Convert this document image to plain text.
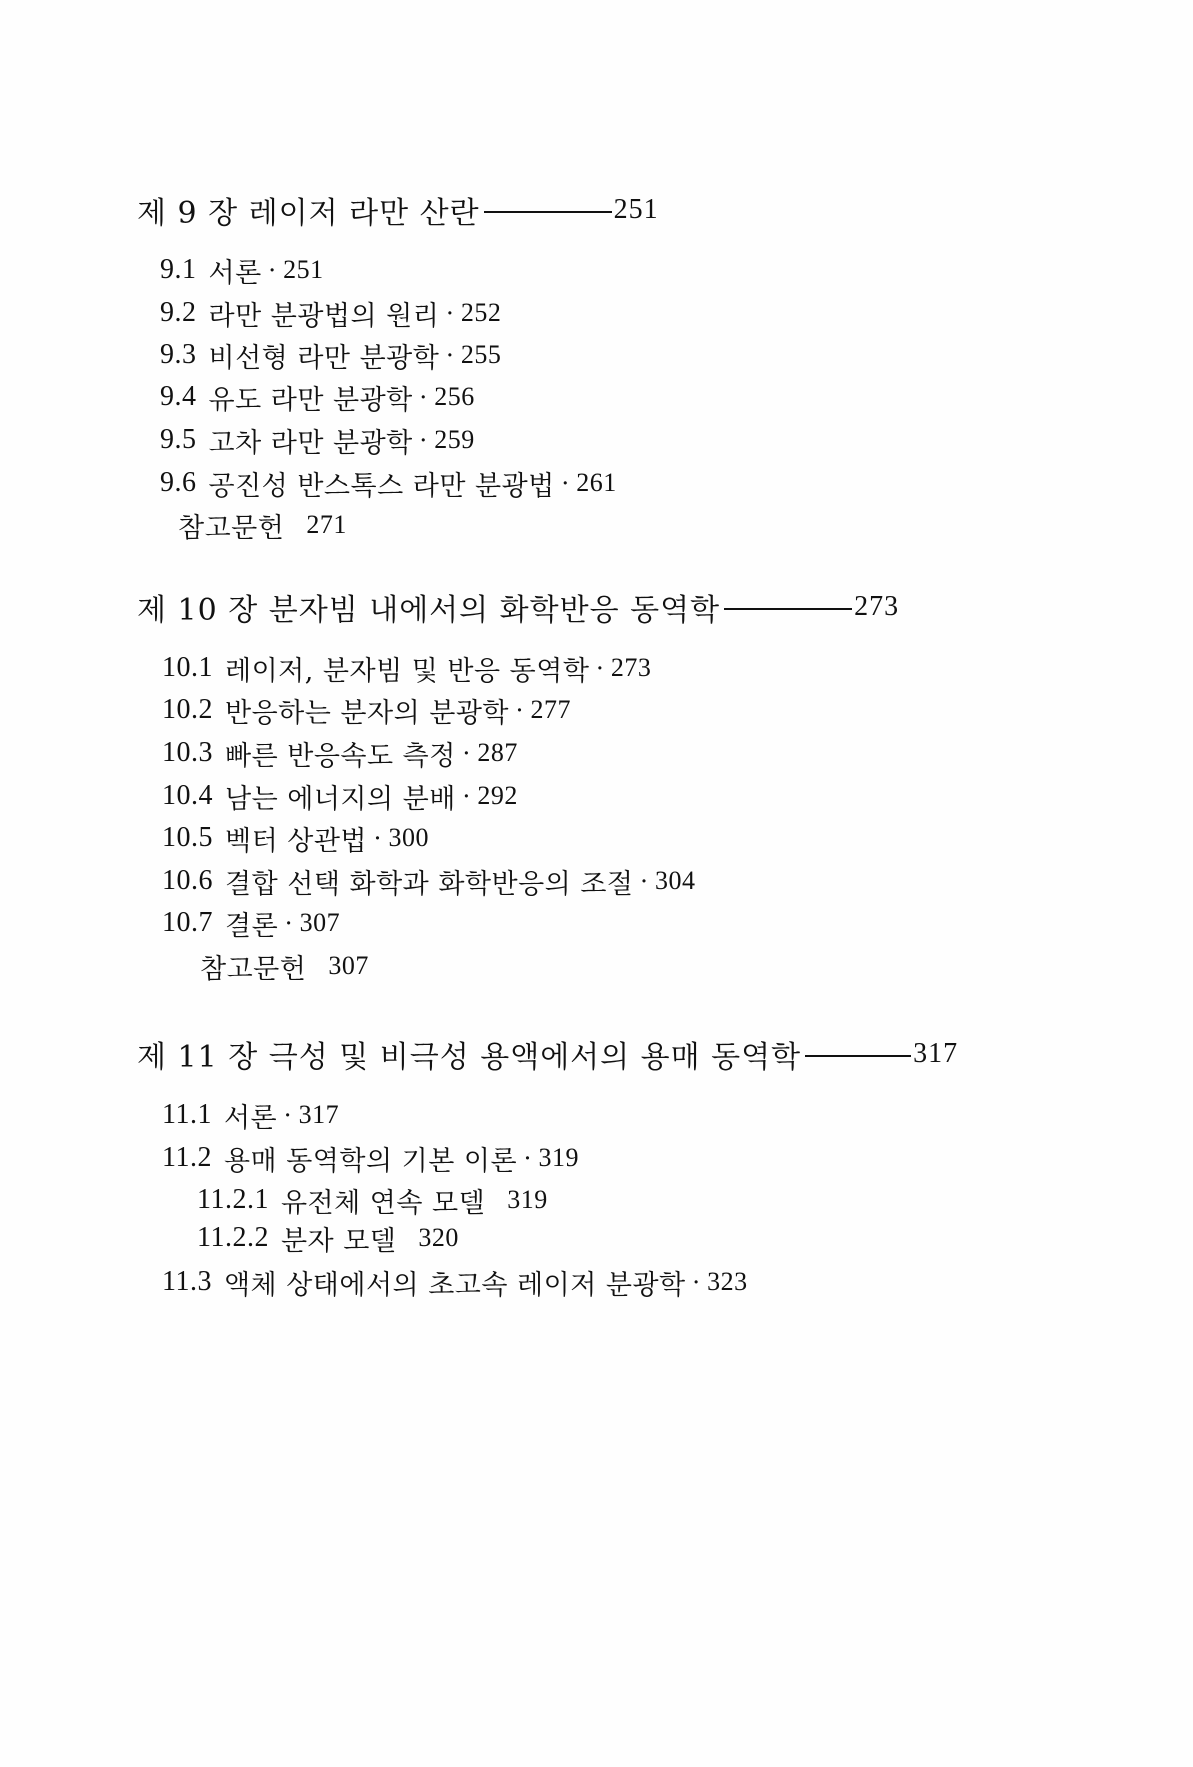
제 9 장 레이저 라만 산란	251
9.1 서론 · 251
9.2 라만 분광법의 원리 · 252
9.3 비선형 라만 분광학 · 255
9.4 유도 라만 분광학 · 256
9.5 고차 라만 분광학 · 259
9.6 공진성 반스톡스 라만 분광법 · 261
참고문헌 271
제 10 장 분자빔 내에서의 화학반응 동역학	273
10.1 레이저, 분자빔 및 반응 동역학 · 273
10.2 반응하는 분자의 분광학 · 277
10.3 빠른 반응속도 측정 · 287
10.4 남는 에너지의 분배 · 292
10.5 벡터 상관법 · 300
10.6 결합 선택 화학과 화학반응의 조절 · 304
10.7 결론 · 307
참고문헌 307
제 11 장 극성 및 비극성 용액에서의 용매 동역학	317
11.1 서론 · 317
11.2 용매 동역학의 기본 이론 · 319
11.2.1 유전체 연속 모델 319
11.2.2 분자 모델 320
11.3 액체 상태에서의 초고속 레이저 분광학 · 323
